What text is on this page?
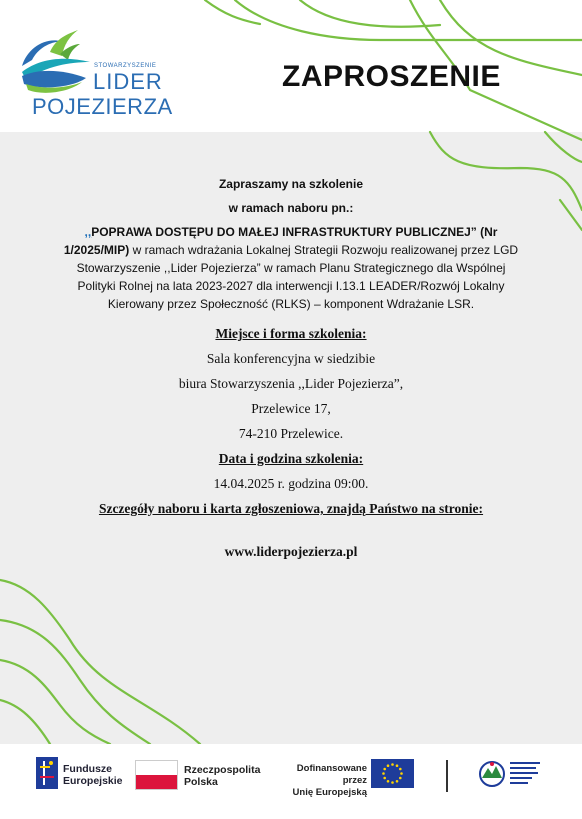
STOWARZYSZENIE
LIDER
POJEZIERZA
ZAPROSZENIE
Zapraszamy na szkolenie
w ramach naboru pn.:
,,POPRAWA DOSTĘPU DO MAŁEJ INFRASTRUKTURY PUBLICZNEJ” (Nr 1/2025/MIP) w ramach wdrażania Lokalnej Strategii Rozwoju realizowanej przez LGD Stowarzyszenie ,,Lider Pojezierza” w ramach Planu Strategicznego dla Wspólnej Polityki Rolnej na lata 2023-2027 dla interwencji I.13.1 LEADER/Rozwój Lokalny Kierowany przez Społeczność (RLKS) – komponent Wdrażanie LSR.
Miejsce i forma szkolenia:
Sala konferencyjna w siedzibie
biura Stowarzyszenia ,,Lider Pojezierza”,
Przelewice 17,
74-210 Przelewice.
Data i godzina szkolenia:
14.04.2025 r. godzina 09:00.
Szczegóły naboru i karta zgłoszeniowa, znajdą Państwo na stronie:
www.liderpojezierza.pl
Fundusze
Europejskie
Rzeczpospolita
Polska
Dofinansowane przez
Unię Europejską
